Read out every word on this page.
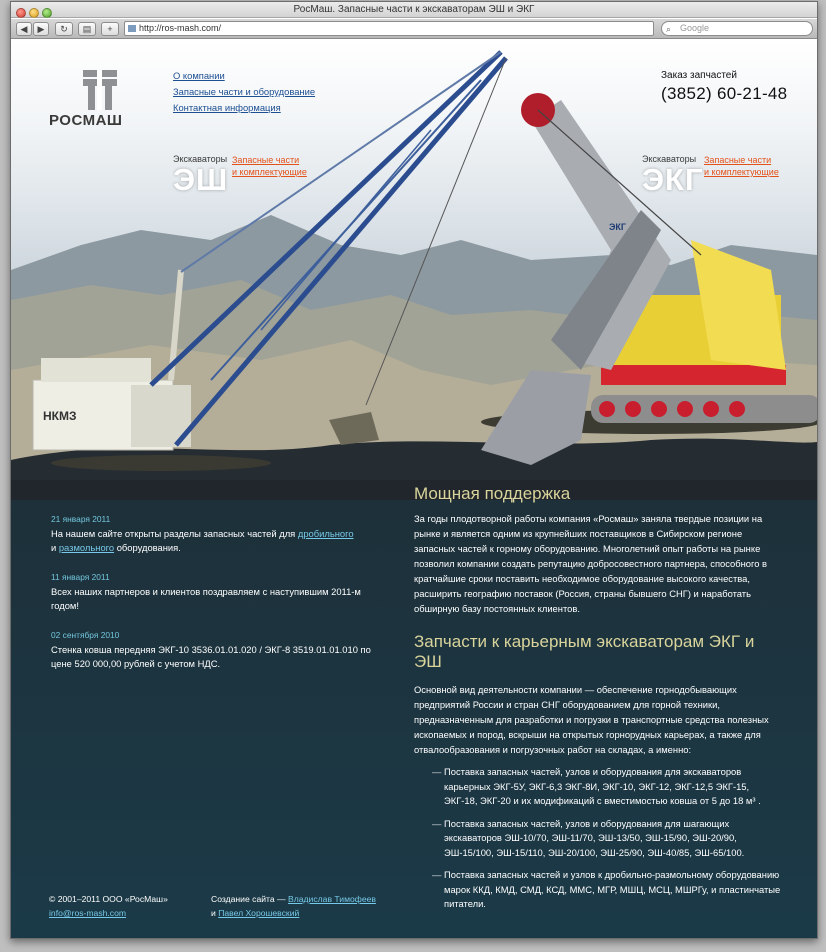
РосМаш. Запасные части к экскаваторам ЭШ и ЭКГ
◀	▶	↻	▤	+	http://ros-mash.com/	⌕ Google
НКМЗ
ЭКГ
РОСМАШ
О компании
Запасные части и оборудование
Контактная информация
Заказ запчастей
(3852) 60-21-48
Экскаваторы Запасные части
и комплектующие
ЭШ
Экскаваторы Запасные части
и комплектующие
ЭКГ
21 января 2011
На нашем сайте открыты разделы запасных частей для дробильного
и размольного оборудования.
11 января 2011
Всех наших партнеров и клиентов поздравляем с наступившим 2011-м годом!
02 сентября 2010
Стенка ковша передняя ЭКГ-10 3536.01.01.020 / ЭКГ-8 3519.01.01.010 по цене 520 000,00 рублей с учетом НДС.
Мощная поддержка
За годы плодотворной работы компания «Росмаш» заняла твердые позиции на рынке и является одним из крупнейших поставщиков в Сибирском регионе запасных частей к горному оборудованию. Многолетний опыт работы на рынке позволил компании создать репутацию добросовестного партнера, способного в кратчайшие сроки поставить необходимое оборудование высокого качества, расширить географию поставок (Россия, страны бывшего СНГ) и наработать обширную базу постоянных клиентов.
Запчасти к карьерным экскаваторам ЭКГ и ЭШ
Основной вид деятельности компании — обеспечение горнодобывающих предприятий России и стран СНГ оборудованием для горной техники, предназначенным для разработки и погрузки в транспортные средства полезных ископаемых и пород, вскрыши на открытых горнорудных карьерах, а также для отвалообразования и погрузочных работ на складах, а именно:
— Поставка запасных частей, узлов и оборудования для экскаваторов карьерных ЭКГ-5У, ЭКГ-6,3 ЭКГ-8И, ЭКГ-10, ЭКГ-12, ЭКГ-12,5 ЭКГ-15, ЭКГ-18, ЭКГ-20 и их модификаций с вместимостью ковша от 5 до 18 м³ .
— Поставка запасных частей, узлов и оборудования для шагающих экскаваторов ЭШ-10/70, ЭШ-11/70, ЭШ-13/50, ЭШ-15/90, ЭШ-20/90, ЭШ-15/100, ЭШ-15/110, ЭШ-20/100, ЭШ-25/90, ЭШ-40/85, ЭШ-65/100.
— Поставка запасных частей и узлов к дробильно-размольному оборудованию марок ККД, КМД, СМД, КСД, ММС, МГР, МШЦ, МСЦ, МШРГу, и пластинчатые питатели.
© 2001–2011 ООО «РосМаш»
info@ros-mash.com
Создание сайта — Владислав Тимофеев
и Павел Хорошевский
